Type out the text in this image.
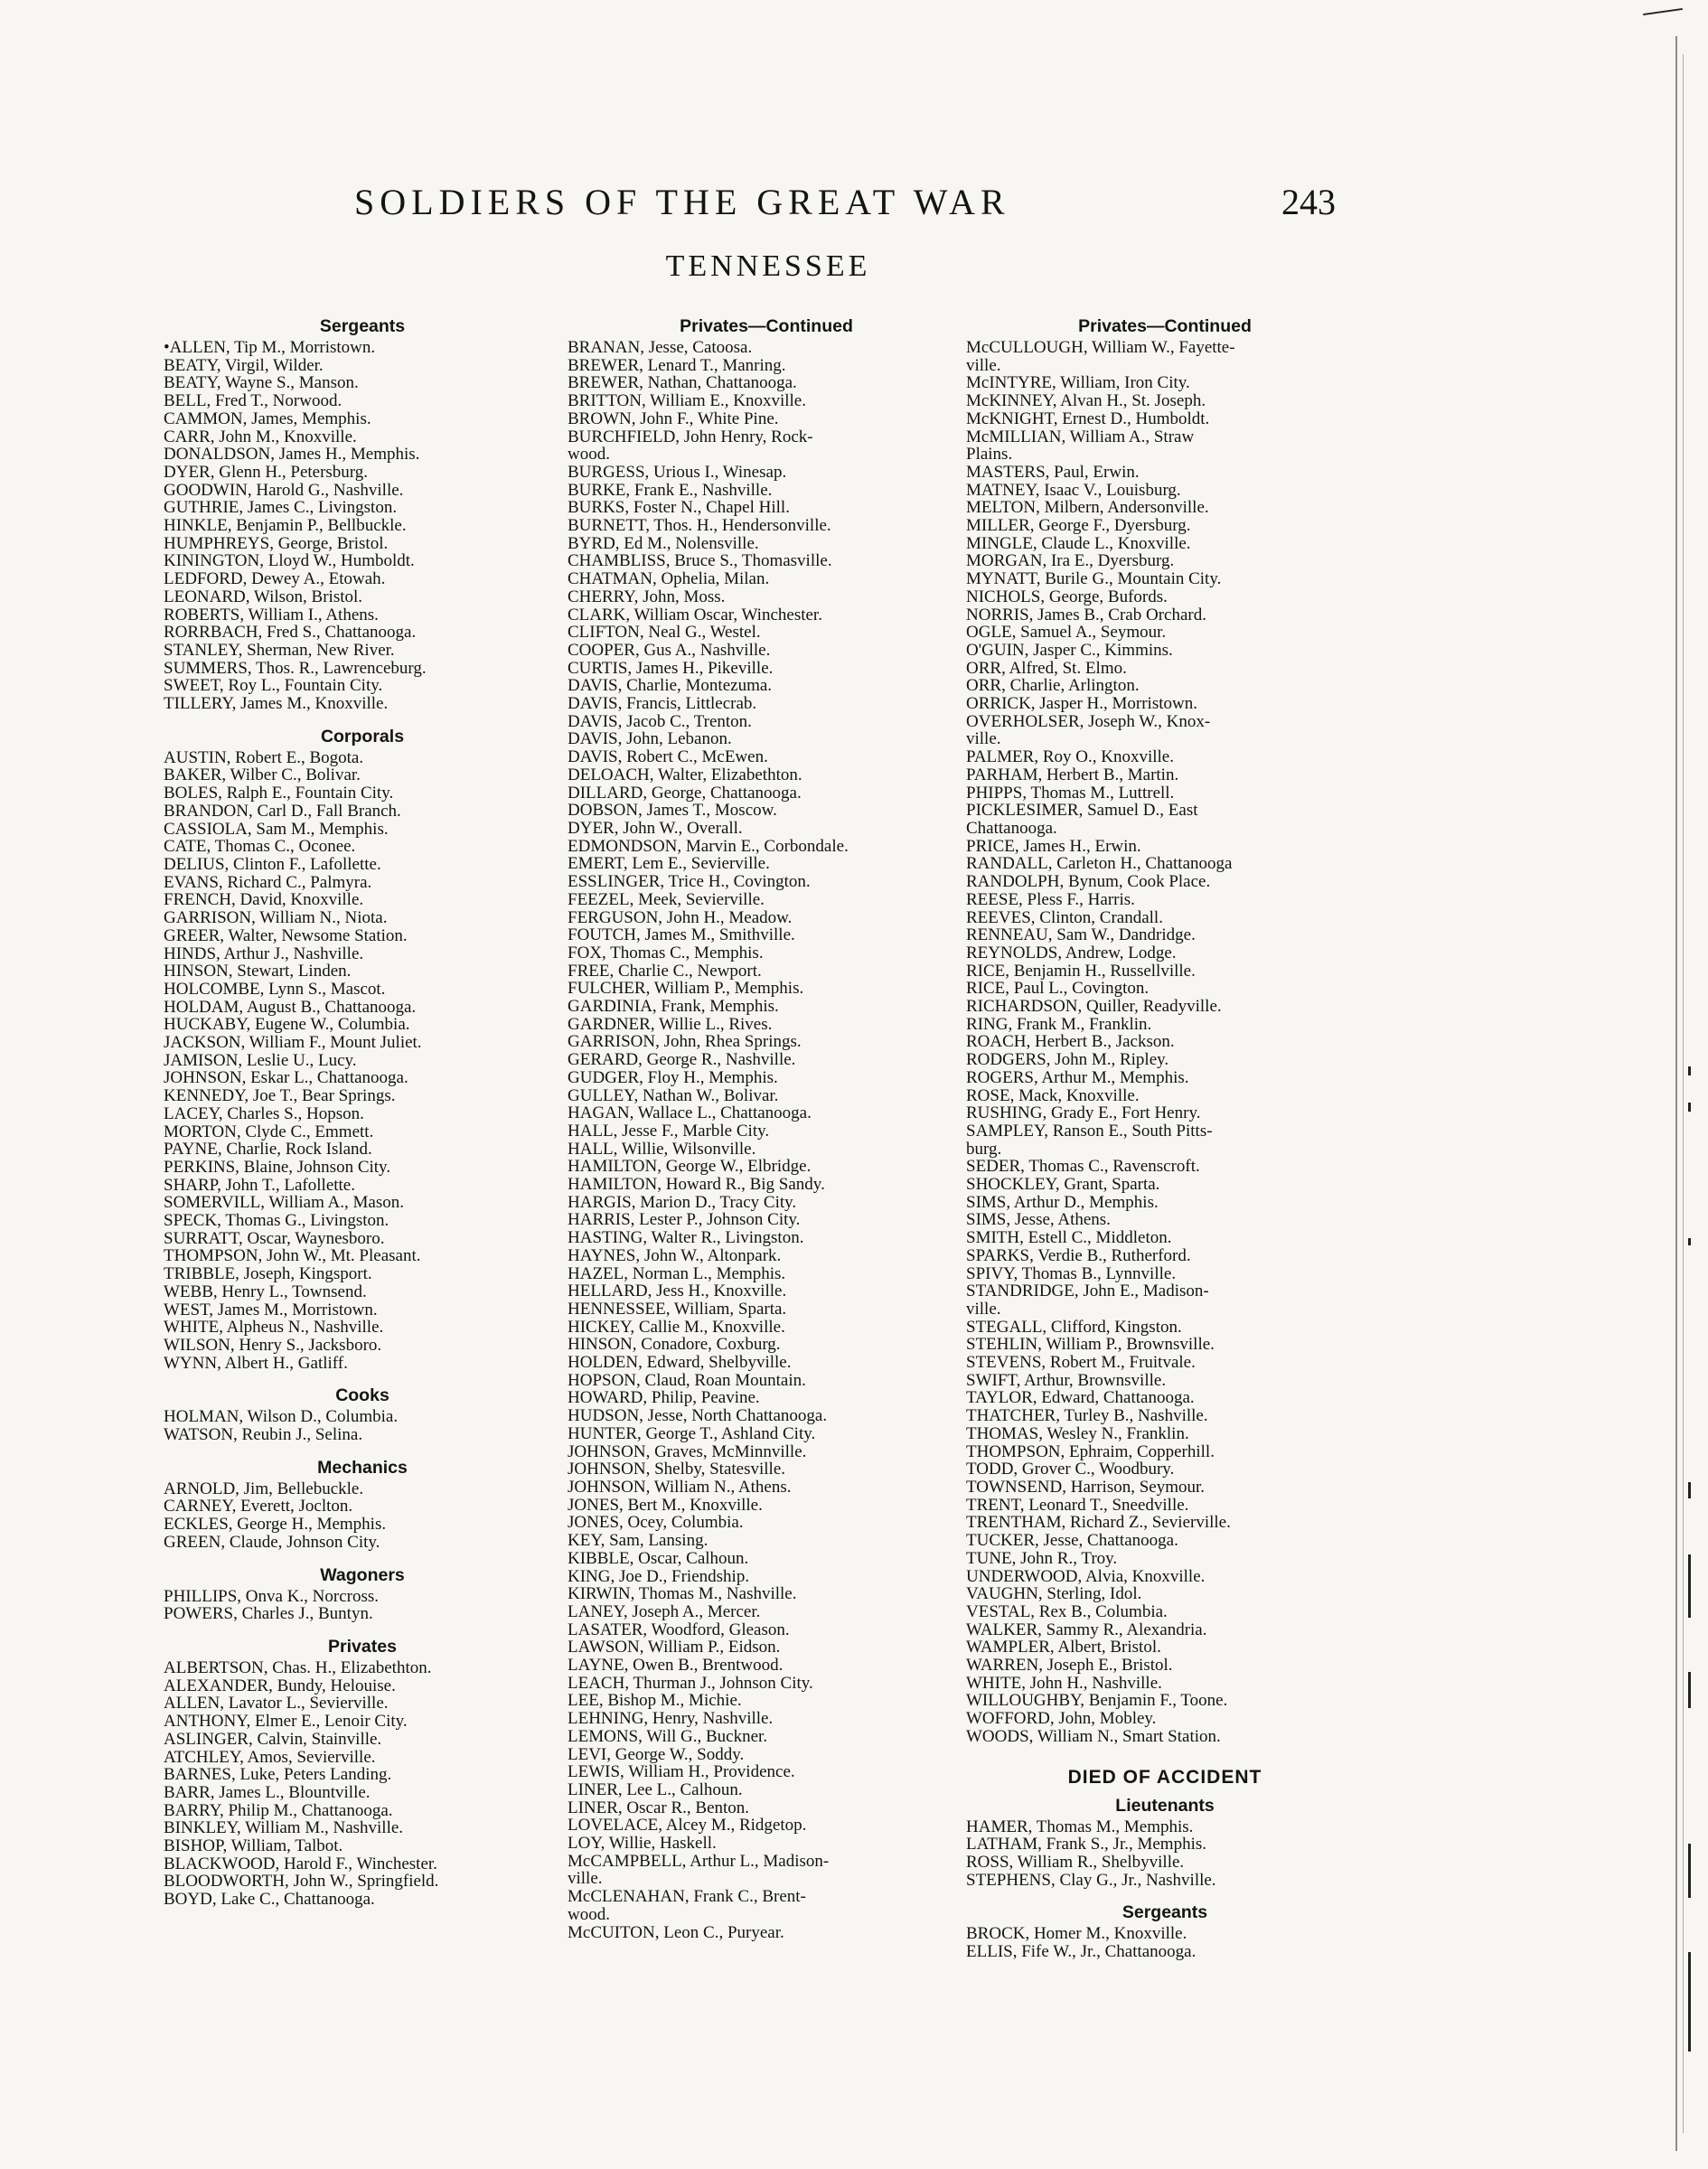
SOLDIERS OF THE GREAT WAR	243
TENNESSEE
Sergeants
•ALLEN, Tip M., Morristown.
BEATY, Virgil, Wilder.
BEATY, Wayne S., Manson.
BELL, Fred T., Norwood.
CAMMON, James, Memphis.
CARR, John M., Knoxville.
DONALDSON, James H., Memphis.
DYER, Glenn H., Petersburg.
GOODWIN, Harold G., Nashville.
GUTHRIE, James C., Livingston.
HINKLE, Benjamin P., Bellbuckle.
HUMPHREYS, George, Bristol.
KININGTON, Lloyd W., Humboldt.
LEDFORD, Dewey A., Etowah.
LEONARD, Wilson, Bristol.
ROBERTS, William I., Athens.
RORRBACH, Fred S., Chattanooga.
STANLEY, Sherman, New River.
SUMMERS, Thos. R., Lawrenceburg.
SWEET, Roy L., Fountain City.
TILLERY, James M., Knoxville.
Corporals
AUSTIN, Robert E., Bogota.
BAKER, Wilber C., Bolivar.
BOLES, Ralph E., Fountain City.
BRANDON, Carl D., Fall Branch.
CASSIOLA, Sam M., Memphis.
CATE, Thomas C., Oconee.
DELIUS, Clinton F., Lafollette.
EVANS, Richard C., Palmyra.
FRENCH, David, Knoxville.
GARRISON, William N., Niota.
GREER, Walter, Newsome Station.
HINDS, Arthur J., Nashville.
HINSON, Stewart, Linden.
HOLCOMBE, Lynn S., Mascot.
HOLDAM, August B., Chattanooga.
HUCKABY, Eugene W., Columbia.
JACKSON, William F., Mount Juliet.
JAMISON, Leslie U., Lucy.
JOHNSON, Eskar L., Chattanooga.
KENNEDY, Joe T., Bear Springs.
LACEY, Charles S., Hopson.
MORTON, Clyde C., Emmett.
PAYNE, Charlie, Rock Island.
PERKINS, Blaine, Johnson City.
SHARP, John T., Lafollette.
SOMERVILL, William A., Mason.
SPECK, Thomas G., Livingston.
SURRATT, Oscar, Waynesboro.
THOMPSON, John W., Mt. Pleasant.
TRIBBLE, Joseph, Kingsport.
WEBB, Henry L., Townsend.
WEST, James M., Morristown.
WHITE, Alpheus N., Nashville.
WILSON, Henry S., Jacksboro.
WYNN, Albert H., Gatliff.
Cooks
HOLMAN, Wilson D., Columbia.
WATSON, Reubin J., Selina.
Mechanics
ARNOLD, Jim, Bellebuckle.
CARNEY, Everett, Joclton.
ECKLES, George H., Memphis.
GREEN, Claude, Johnson City.
Wagoners
PHILLIPS, Onva K., Norcross.
POWERS, Charles J., Buntyn.
Privates
ALBERTSON, Chas. H., Elizabethton.
ALEXANDER, Bundy, Helouise.
ALLEN, Lavator L., Sevierville.
ANTHONY, Elmer E., Lenoir City.
ASLINGER, Calvin, Stainville.
ATCHLEY, Amos, Sevierville.
BARNES, Luke, Peters Landing.
BARR, James L., Blountville.
BARRY, Philip M., Chattanooga.
BINKLEY, William M., Nashville.
BISHOP, William, Talbot.
BLACKWOOD, Harold F., Winchester.
BLOODWORTH, John W., Springfield.
BOYD, Lake C., Chattanooga.
Privates—Continued
BRANAN, Jesse, Catoosa.
BREWER, Lenard T., Manring.
BREWER, Nathan, Chattanooga.
BRITTON, William E., Knoxville.
BROWN, John F., White Pine.
BURCHFIELD, John Henry, Rock-
wood.
BURGESS, Urious I., Winesap.
BURKE, Frank E., Nashville.
BURKS, Foster N., Chapel Hill.
BURNETT, Thos. H., Hendersonville.
BYRD, Ed M., Nolensville.
CHAMBLISS, Bruce S., Thomasville.
CHATMAN, Ophelia, Milan.
CHERRY, John, Moss.
CLARK, William Oscar, Winchester.
CLIFTON, Neal G., Westel.
COOPER, Gus A., Nashville.
CURTIS, James H., Pikeville.
DAVIS, Charlie, Montezuma.
DAVIS, Francis, Littlecrab.
DAVIS, Jacob C., Trenton.
DAVIS, John, Lebanon.
DAVIS, Robert C., McEwen.
DELOACH, Walter, Elizabethton.
DILLARD, George, Chattanooga.
DOBSON, James T., Moscow.
DYER, John W., Overall.
EDMONDSON, Marvin E., Corbondale.
EMERT, Lem E., Sevierville.
ESSLINGER, Trice H., Covington.
FEEZEL, Meek, Sevierville.
FERGUSON, John H., Meadow.
FOUTCH, James M., Smithville.
FOX, Thomas C., Memphis.
FREE, Charlie C., Newport.
FULCHER, William P., Memphis.
GARDINIA, Frank, Memphis.
GARDNER, Willie L., Rives.
GARRISON, John, Rhea Springs.
GERARD, George R., Nashville.
GUDGER, Floy H., Memphis.
GULLEY, Nathan W., Bolivar.
HAGAN, Wallace L., Chattanooga.
HALL, Jesse F., Marble City.
HALL, Willie, Wilsonville.
HAMILTON, George W., Elbridge.
HAMILTON, Howard R., Big Sandy.
HARGIS, Marion D., Tracy City.
HARRIS, Lester P., Johnson City.
HASTING, Walter R., Livingston.
HAYNES, John W., Altonpark.
HAZEL, Norman L., Memphis.
HELLARD, Jess H., Knoxville.
HENNESSEE, William, Sparta.
HICKEY, Callie M., Knoxville.
HINSON, Conadore, Coxburg.
HOLDEN, Edward, Shelbyville.
HOPSON, Claud, Roan Mountain.
HOWARD, Philip, Peavine.
HUDSON, Jesse, North Chattanooga.
HUNTER, George T., Ashland City.
JOHNSON, Graves, McMinnville.
JOHNSON, Shelby, Statesville.
JOHNSON, William N., Athens.
JONES, Bert M., Knoxville.
JONES, Ocey, Columbia.
KEY, Sam, Lansing.
KIBBLE, Oscar, Calhoun.
KING, Joe D., Friendship.
KIRWIN, Thomas M., Nashville.
LANEY, Joseph A., Mercer.
LASATER, Woodford, Gleason.
LAWSON, William P., Eidson.
LAYNE, Owen B., Brentwood.
LEACH, Thurman J., Johnson City.
LEE, Bishop M., Michie.
LEHNING, Henry, Nashville.
LEMONS, Will G., Buckner.
LEVI, George W., Soddy.
LEWIS, William H., Providence.
LINER, Lee L., Calhoun.
LINER, Oscar R., Benton.
LOVELACE, Alcey M., Ridgetop.
LOY, Willie, Haskell.
McCAMPBELL, Arthur L., Madison-
ville.
McCLENAHAN, Frank C., Brent-
wood.
McCUITON, Leon C., Puryear.
Privates—Continued
McCULLOUGH, William W., Fayette-
ville.
McINTYRE, William, Iron City.
McKINNEY, Alvan H., St. Joseph.
McKNIGHT, Ernest D., Humboldt.
McMILLIAN, William A., Straw
Plains.
MASTERS, Paul, Erwin.
MATNEY, Isaac V., Louisburg.
MELTON, Milbern, Andersonville.
MILLER, George F., Dyersburg.
MINGLE, Claude L., Knoxville.
MORGAN, Ira E., Dyersburg.
MYNATT, Burile G., Mountain City.
NICHOLS, George, Bufords.
NORRIS, James B., Crab Orchard.
OGLE, Samuel A., Seymour.
O'GUIN, Jasper C., Kimmins.
ORR, Alfred, St. Elmo.
ORR, Charlie, Arlington.
ORRICK, Jasper H., Morristown.
OVERHOLSER, Joseph W., Knox-
ville.
PALMER, Roy O., Knoxville.
PARHAM, Herbert B., Martin.
PHIPPS, Thomas M., Luttrell.
PICKLESIMER, Samuel D., East
Chattanooga.
PRICE, James H., Erwin.
RANDALL, Carleton H., Chattanooga
RANDOLPH, Bynum, Cook Place.
REESE, Pless F., Harris.
REEVES, Clinton, Crandall.
RENNEAU, Sam W., Dandridge.
REYNOLDS, Andrew, Lodge.
RICE, Benjamin H., Russellville.
RICE, Paul L., Covington.
RICHARDSON, Quiller, Readyville.
RING, Frank M., Franklin.
ROACH, Herbert B., Jackson.
RODGERS, John M., Ripley.
ROGERS, Arthur M., Memphis.
ROSE, Mack, Knoxville.
RUSHING, Grady E., Fort Henry.
SAMPLEY, Ranson E., South Pitts-
burg.
SEDER, Thomas C., Ravenscroft.
SHOCKLEY, Grant, Sparta.
SIMS, Arthur D., Memphis.
SIMS, Jesse, Athens.
SMITH, Estell C., Middleton.
SPARKS, Verdie B., Rutherford.
SPIVY, Thomas B., Lynnville.
STANDRIDGE, John E., Madison-
ville.
STEGALL, Clifford, Kingston.
STEHLIN, William P., Brownsville.
STEVENS, Robert M., Fruitvale.
SWIFT, Arthur, Brownsville.
TAYLOR, Edward, Chattanooga.
THATCHER, Turley B., Nashville.
THOMAS, Wesley N., Franklin.
THOMPSON, Ephraim, Copperhill.
TODD, Grover C., Woodbury.
TOWNSEND, Harrison, Seymour.
TRENT, Leonard T., Sneedville.
TRENTHAM, Richard Z., Sevierville.
TUCKER, Jesse, Chattanooga.
TUNE, John R., Troy.
UNDERWOOD, Alvia, Knoxville.
VAUGHN, Sterling, Idol.
VESTAL, Rex B., Columbia.
WALKER, Sammy R., Alexandria.
WAMPLER, Albert, Bristol.
WARREN, Joseph E., Bristol.
WHITE, John H., Nashville.
WILLOUGHBY, Benjamin F., Toone.
WOFFORD, John, Mobley.
WOODS, William N., Smart Station.
DIED OF ACCIDENT
Lieutenants
HAMER, Thomas M., Memphis.
LATHAM, Frank S., Jr., Memphis.
ROSS, William R., Shelbyville.
STEPHENS, Clay G., Jr., Nashville.
Sergeants
BROCK, Homer M., Knoxville.
ELLIS, Fife W., Jr., Chattanooga.
